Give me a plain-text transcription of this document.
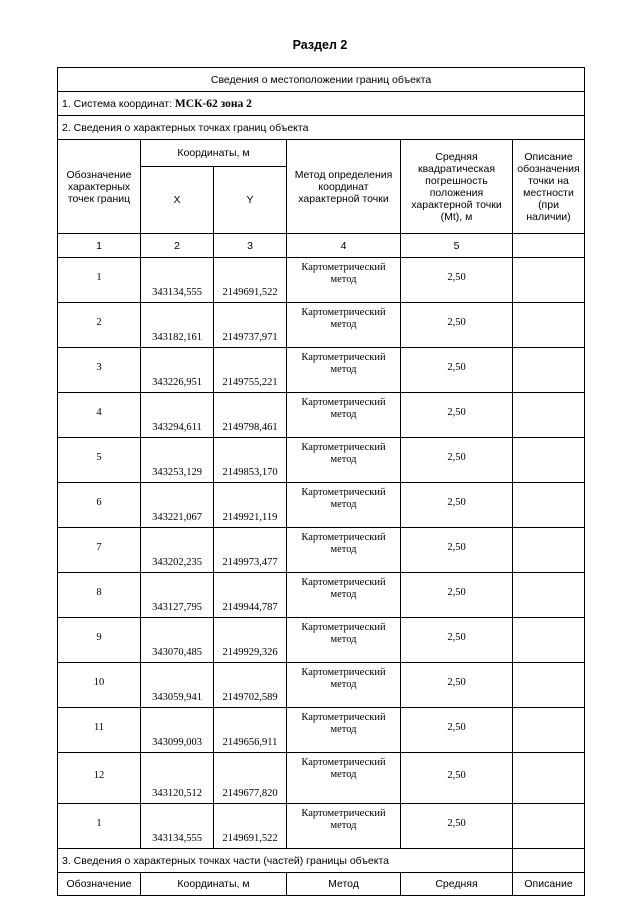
Раздел 2
Сведения о местоположении границ объекта					
1. Система координат: МСК-62 зона 2					
2. Сведения о характерных точках границ объекта					
Обозначение характерных точек границ	Координаты, м		Метод определения координат характерной точки	Средняя квадратическая погрешность положения характерной точки (Mt), м	Описание обозначения точки на местности (при наличии)
	X	Y			
1	2	3	4	5	
1	343134,555	2149691,522	Картометрический метод	2,50	
2	343182,161	2149737,971	Картометрический метод	2,50	
3	343226,951	2149755,221	Картометрический метод	2,50	
4	343294,611	2149798,461	Картометрический метод	2,50	
5	343253,129	2149853,170	Картометрический метод	2,50	
6	343221,067	2149921,119	Картометрический метод	2,50	
7	343202,235	2149973,477	Картометрический метод	2,50	
8	343127,795	2149944,787	Картометрический метод	2,50	
9	343070,485	2149929,326	Картометрический метод	2,50	
10	343059,941	2149702,589	Картометрический метод	2,50	
11	343099,003	2149656,911	Картометрический метод	2,50	
12	343120,512	2149677,820	Картометрический метод	2,50	
1	343134,555	2149691,522	Картометрический метод	2,50	
3. Сведения о характерных точках части (частей) границы объекта					
Обозначение	Координаты, м		Метод	Средняя	Описание
